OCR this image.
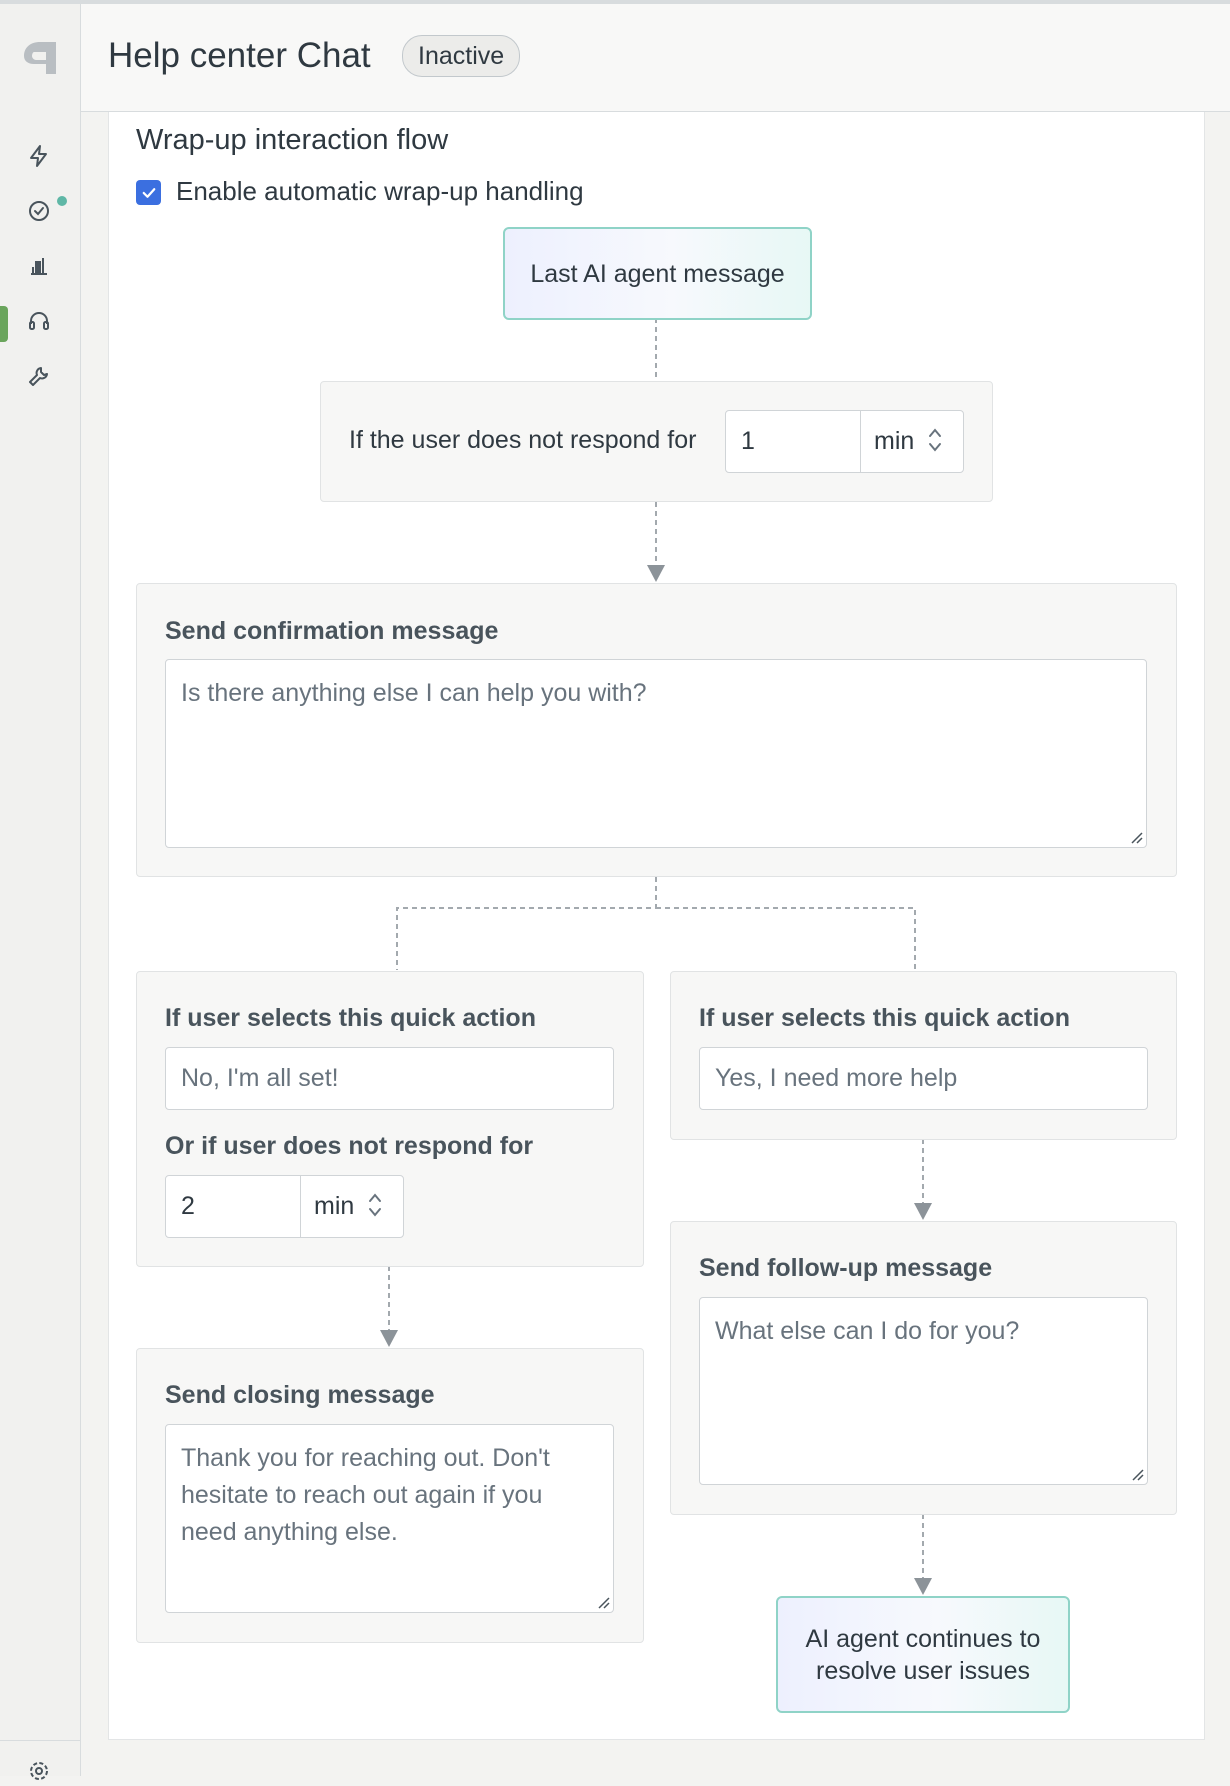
Help center Chat	Inactive
Wrap-up interaction flow
Enable automatic wrap-up handling
Last AI agent message
If the user does not respond for 1	min
Send confirmation message
Is there anything else I can help you with?
If user selects this quick action
No, I'm all set!
Or if user does not respond for
2	min
Send closing message
Thank you for reaching out. Don't hesitate to reach out again if you need anything else.
If user selects this quick action
Yes, I need more help
Send follow-up message
What else can I do for you?
AI agent continues to resolve user issues
